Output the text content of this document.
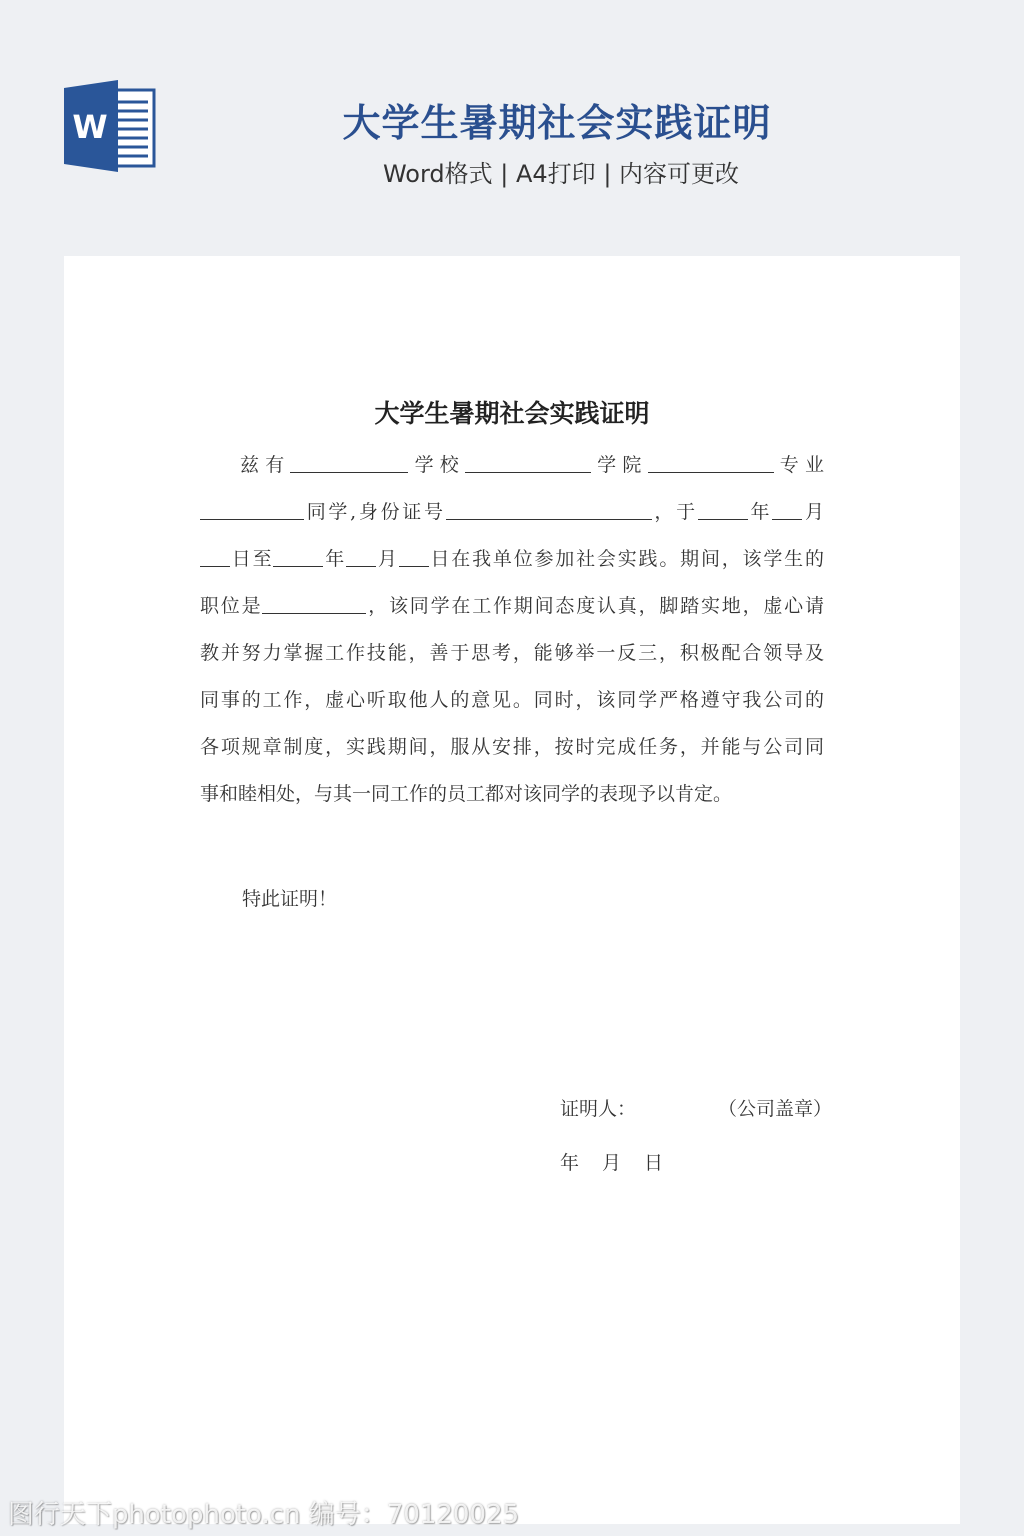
W	大学生暑期社会实践证明
Word格式 | A4打印 | 内容可更改
大学生暑期社会实践证明
兹有	学校	学院	专业
同学,身份证号	，于	年 月
日至	年 月 日在我单位参加社会实践。期间，该学生的
职位是	，该同学在工作期间态度认真，脚踏实地，虚心请
教并努力掌握工作技能，善于思考，能够举一反三，积极配合领导及
同事的工作，虚心听取他人的意见。同时，该同学严格遵守我公司的
各项规章制度，实践期间，服从安排，按时完成任务，并能与公司同
事和睦相处，与其一同工作的员工都对该同学的表现予以肯定。
特此证明！
证明人：	（公司盖章）
年　月　日
图行天下photophoto.cn 编号：70120025
